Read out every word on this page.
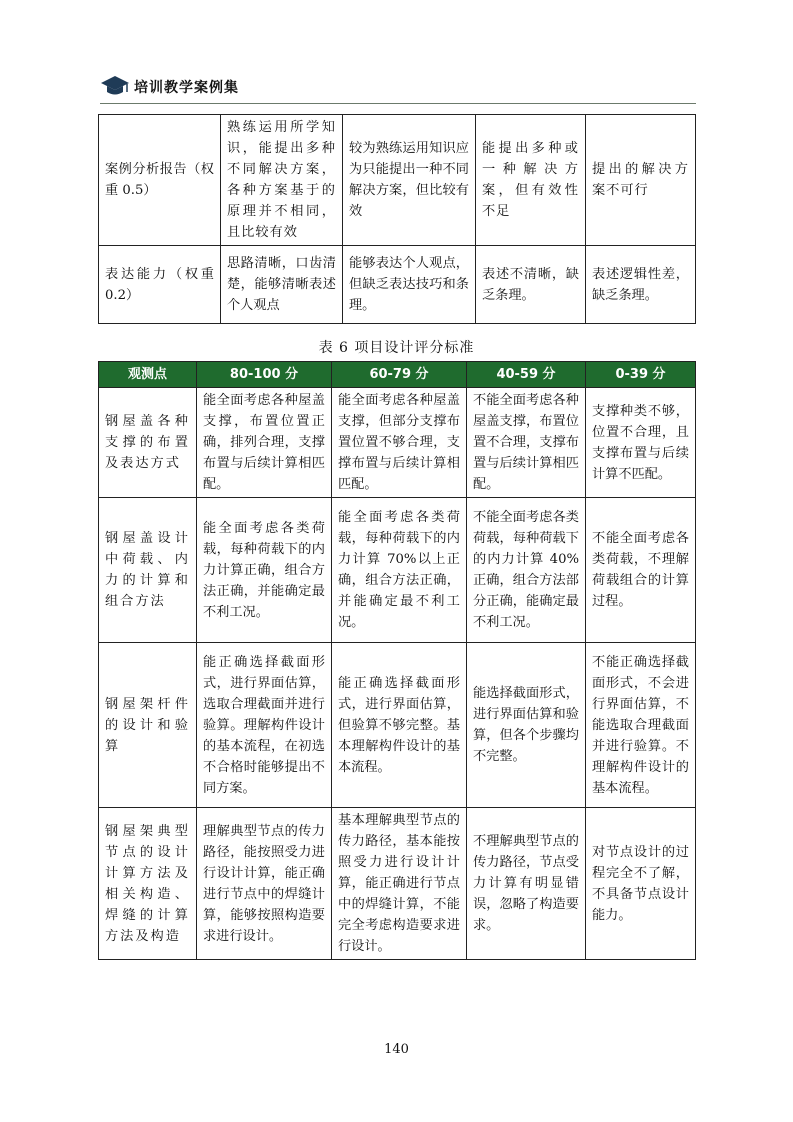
培训教学案例集
案例分析报告（权重 0.5）	熟练运用所学知识，能提出多种不同解决方案，各种方案基于的原理并不相同，且比较有效	较为熟练运用知识应为只能提出一种不同解决方案，但比较有效	能提出多种或一种解决方案，但有效性不足	提出的解决方案不可行
表达能力（权重 0.2）	思路清晰，口齿清楚，能够清晰表述个人观点	能够表达个人观点，但缺乏表达技巧和条理。	表述不清晰，缺乏条理。	表述逻辑性差，缺乏条理。
表 6 项目设计评分标准
观测点	80-100 分	60-79 分	40-59 分	0-39 分
钢屋盖各种支撑的布置及表达方式	能全面考虑各种屋盖支撑，布置位置正确，排列合理，支撑布置与后续计算相匹配。	能全面考虑各种屋盖支撑，但部分支撑布置位置不够合理，支撑布置与后续计算相匹配。	不能全面考虑各种屋盖支撑，布置位置不合理，支撑布置与后续计算相匹配。	支撑种类不够，位置不合理，且支撑布置与后续计算不匹配。
钢屋盖设计中荷载、内力的计算和组合方法	能全面考虑各类荷载，每种荷载下的内力计算正确，组合方法正确，并能确定最不利工况。	能全面考虑各类荷载，每种荷载下的内力计算 70%以上正确，组合方法正确，并能确定最不利工况。	不能全面考虑各类荷载，每种荷载下的内力计算 40%正确，组合方法部分正确，能确定最不利工况。	不能全面考虑各类荷载，不理解荷载组合的计算过程。
钢屋架杆件的设计和验算	能正确选择截面形式，进行界面估算，选取合理截面并进行验算。理解构件设计的基本流程，在初选不合格时能够提出不同方案。	能正确选择截面形式，进行界面估算，但验算不够完整。基本理解构件设计的基本流程。	能选择截面形式，进行界面估算和验算，但各个步骤均不完整。	不能正确选择截面形式，不会进行界面估算，不能选取合理截面并进行验算。不理解构件设计的基本流程。
钢屋架典型节点的设计计算方法及相关构造、焊缝的计算方法及构造	理解典型节点的传力路径，能按照受力进行设计计算，能正确进行节点中的焊缝计算，能够按照构造要求进行设计。	基本理解典型节点的传力路径，基本能按照受力进行设计计算，能正确进行节点中的焊缝计算，不能完全考虑构造要求进行设计。	不理解典型节点的传力路径，节点受力计算有明显错误，忽略了构造要求。	对节点设计的过程完全不了解，不具备节点设计能力。
140
